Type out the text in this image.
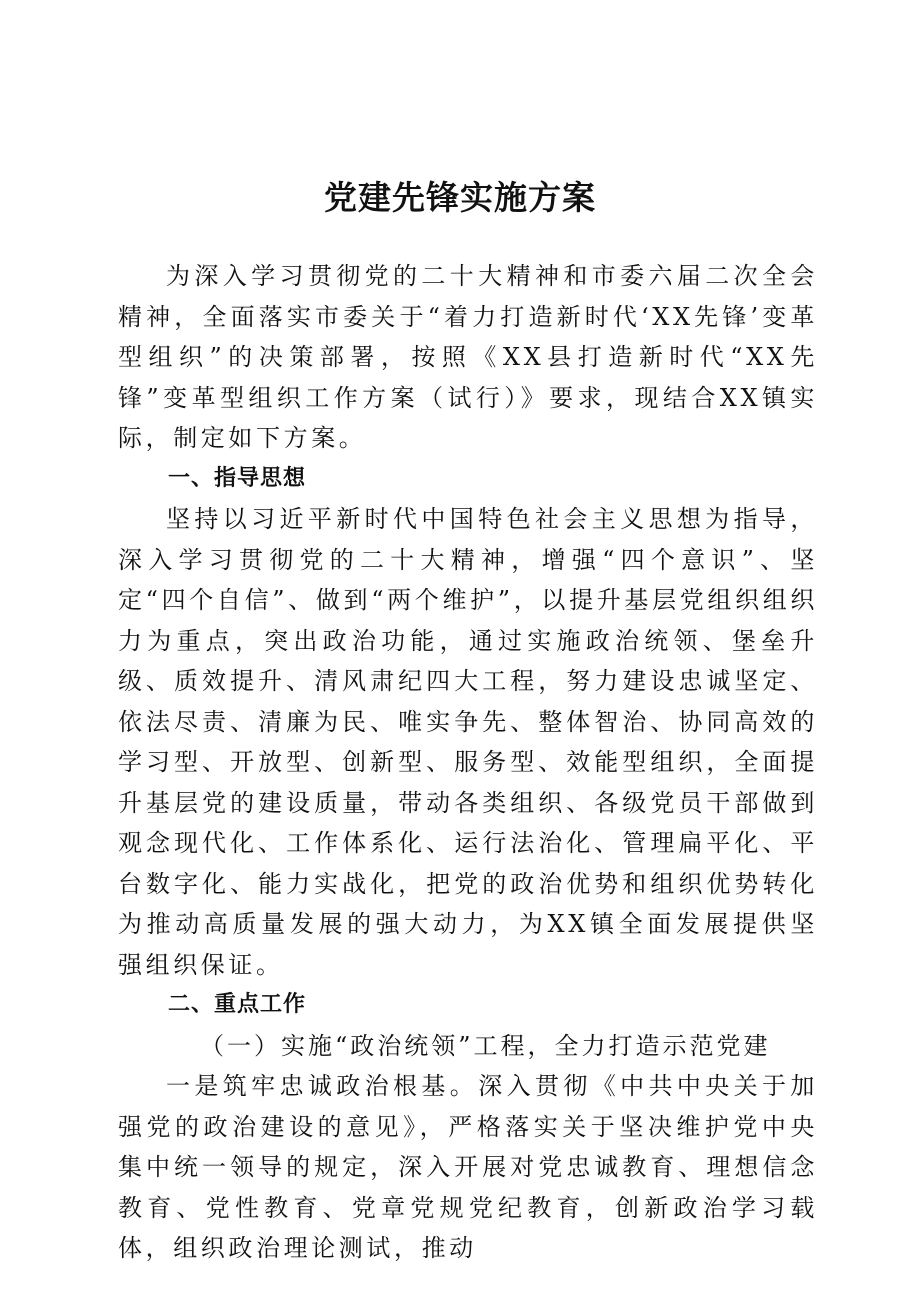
党建先锋实施方案

为深入学习贯彻党的二十大精神和市委六届二次全会精神，全面落实市委关于“着力打造新时代‘XX先锋’变革型组织”的决策部署，按照《XX县打造新时代“XX先锋”变革型组织工作方案（试行）》要求，现结合XX镇实际，制定如下方案。

一、指导思想

坚持以习近平新时代中国特色社会主义思想为指导，深入学习贯彻党的二十大精神，增强“四个意识”、坚定“四个自信”、做到“两个维护”，以提升基层党组织组织力为重点，突出政治功能，通过实施政治统领、堡垒升级、质效提升、清风肃纪四大工程，努力建设忠诚坚定、依法尽责、清廉为民、唯实争先、整体智治、协同高效的学习型、开放型、创新型、服务型、效能型组织，全面提升基层党的建设质量，带动各类组织、各级党员干部做到观念现代化、工作体系化、运行法治化、管理扁平化、平台数字化、能力实战化，把党的政治优势和组织优势转化为推动高质量发展的强大动力，为XX镇全面发展提供坚强组织保证。

二、重点工作
（一）实施“政治统领”工程，全力打造示范党建

一是筑牢忠诚政治根基。深入贯彻《中共中央关于加强党的政治建设的意见》，严格落实关于坚决维护党中央集中统一领导的规定，深入开展对党忠诚教育、理想信念教育、党性教育、党章党规党纪教育，创新政治学习载体，组织政治理论测试，推动
